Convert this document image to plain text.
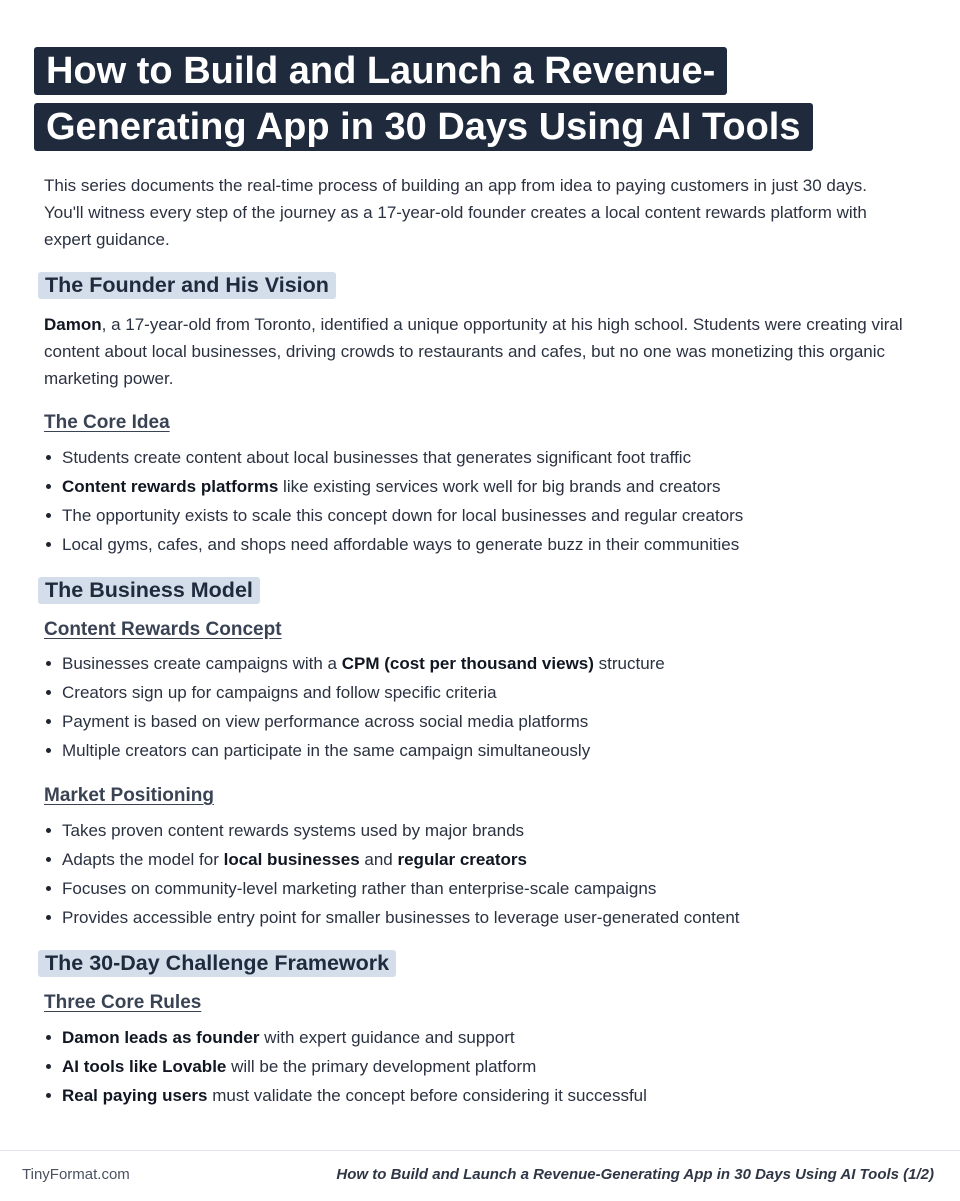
How to Build and Launch a Revenue-
Generating App in 30 Days Using AI Tools

This series documents the real-time process of building an app from idea to paying customers in just 30 days. You'll witness every step of the journey as a 17-year-old founder creates a local content rewards platform with expert guidance.

The Founder and His Vision

Damon, a 17-year-old from Toronto, identified a unique opportunity at his high school. Students were creating viral content about local businesses, driving crowds to restaurants and cafes, but no one was monetizing this organic marketing power.

The Core Idea
Students create content about local businesses that generates significant foot traffic
Content rewards platforms like existing services work well for big brands and creators
The opportunity exists to scale this concept down for local businesses and regular creators
Local gyms, cafes, and shops need affordable ways to generate buzz in their communities
The Business Model
Content Rewards Concept
Businesses create campaigns with a CPM (cost per thousand views) structure
Creators sign up for campaigns and follow specific criteria
Payment is based on view performance across social media platforms
Multiple creators can participate in the same campaign simultaneously
Market Positioning
Takes proven content rewards systems used by major brands
Adapts the model for local businesses and regular creators
Focuses on community-level marketing rather than enterprise-scale campaigns
Provides accessible entry point for smaller businesses to leverage user-generated content
The 30-Day Challenge Framework
Three Core Rules
Damon leads as founder with expert guidance and support
AI tools like Lovable will be the primary development platform
Real paying users must validate the concept before considering it successful
TinyFormat.com	How to Build and Launch a Revenue-Generating App in 30 Days Using AI Tools (1/2)
